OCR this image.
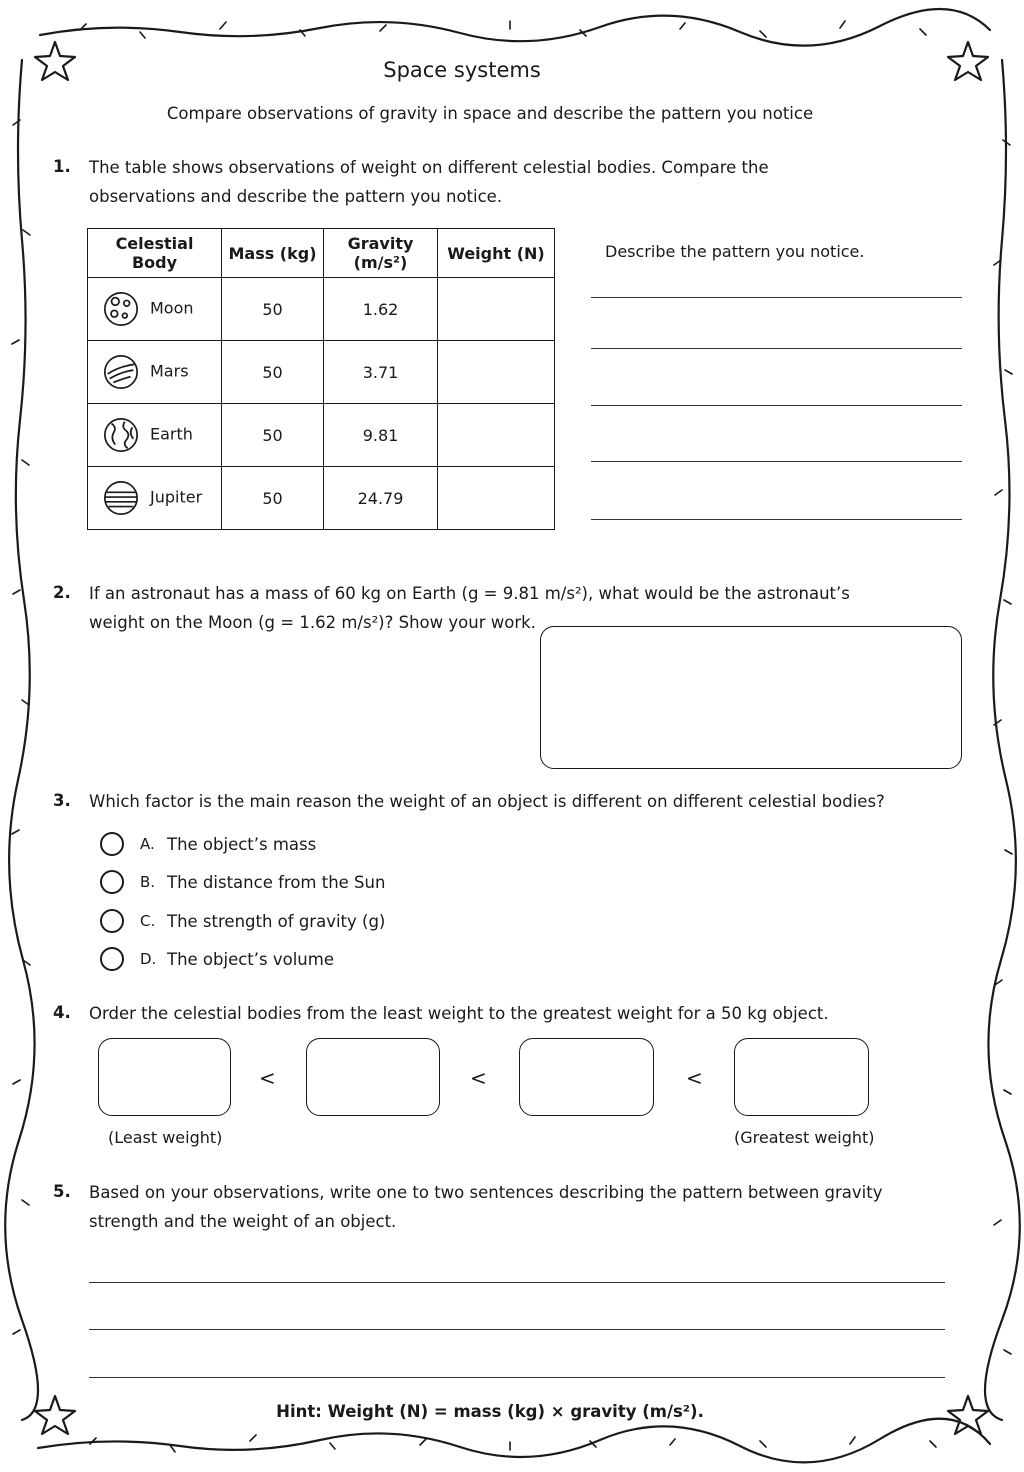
Space systems
Compare observations of gravity in space and describe the pattern you notice
1. The table shows observations of weight on different celestial bodies. Compare the
observations and describe the pattern you notice.
Celestial Body	Mass (kg)	Gravity (m/s²)	Weight (N)
Moon	50	1.62	
Mars	50	3.71	
Earth	50	9.81	
Jupiter	50	24.79	
Describe the pattern you notice.
2. If an astronaut has a mass of 60 kg on Earth (g = 9.81 m/s²), what would be the astronaut’s
weight on the Moon (g = 1.62 m/s²)? Show your work.
3. Which factor is the main reason the weight of an object is different on different celestial bodies?
A. The object’s mass
B. The distance from the Sun
C. The strength of gravity (g)
D. The object’s volume
4. Order the celestial bodies from the least weight to the greatest weight for a 50 kg object.
<	<	<
(Least weight)	(Greatest weight)
5. Based on your observations, write one to two sentences describing the pattern between gravity
strength and the weight of an object.
Hint: Weight (N) = mass (kg) × gravity (m/s²).
